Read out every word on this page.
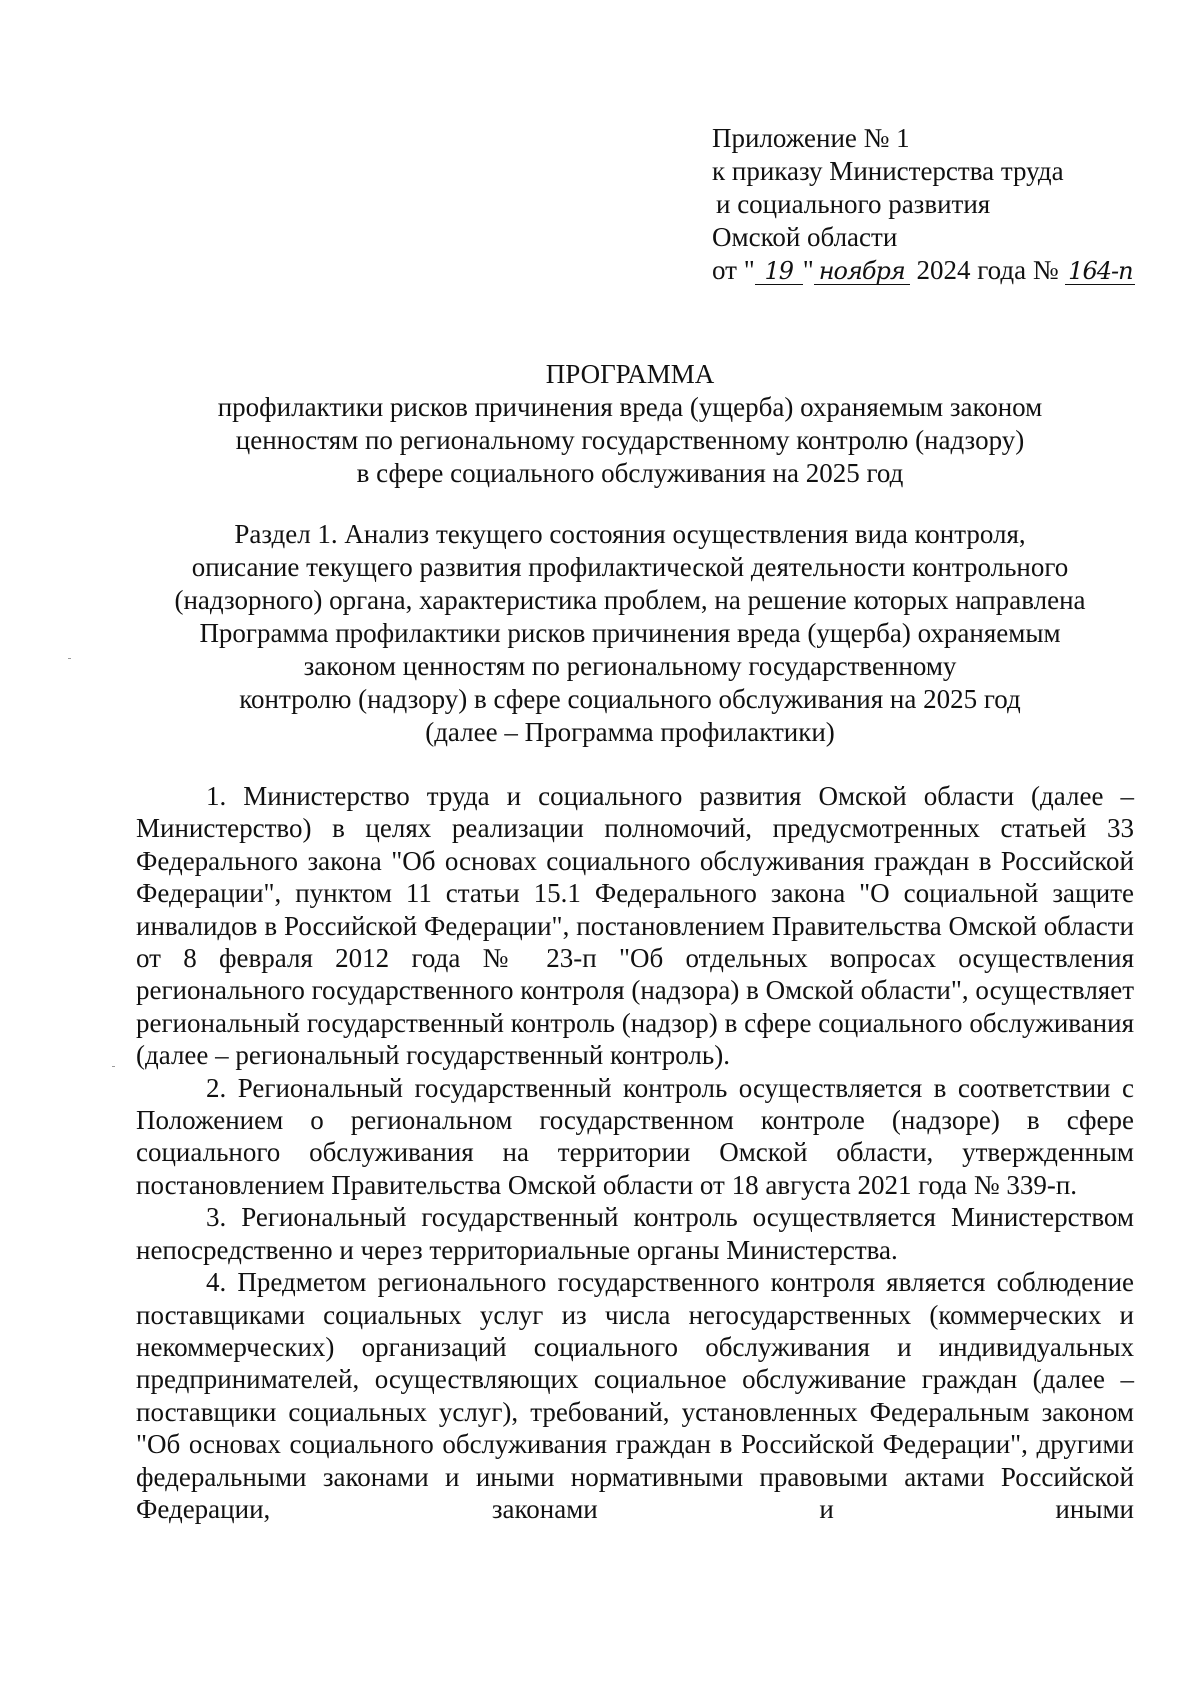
Приложение № 1
к приказу Министерства труда
и социального развития
Омской области
от " 19 " ноября 2024 года № 164-п
ПРОГРАММА
профилактики рисков причинения вреда (ущерба) охраняемым законом
ценностям по региональному государственному контролю (надзору)
в сфере социального обслуживания на 2025 год
Раздел 1. Анализ текущего состояния осуществления вида контроля,
описание текущего развития профилактической деятельности контрольного
(надзорного) органа, характеристика проблем, на решение которых направлена
Программа профилактики рисков причинения вреда (ущерба) охраняемым
законом ценностям по региональному государственному
контролю (надзору) в сфере социального обслуживания на 2025 год
(далее – Программа профилактики)

1. Министерство труда и социального развития Омской области (далее – Министерство) в целях реализации полномочий, предусмотренных статьей 33 Федерального закона "Об основах социального обслуживания граждан в Российской Федерации", пунктом 11 статьи 15.1 Федерального закона "О социальной защите инвалидов в Российской Федерации", постановлением Правительства Омской области от 8 февраля 2012 года № 23-п "Об отдельных вопросах осуществления регионального государственного контроля (надзора) в Омской области", осуществляет региональный государственный контроль (надзор) в сфере социального обслуживания (далее – региональный государственный контроль).

2. Региональный государственный контроль осуществляется в соответствии с Положением о региональном государственном контроле (надзоре) в сфере социального обслуживания на территории Омской области, утвержденным постановлением Правительства Омской области от 18 августа 2021 года № 339-п.

3. Региональный государственный контроль осуществляется Министерством непосредственно и через территориальные органы Министерства.

4. Предметом регионального государственного контроля является соблюдение поставщиками социальных услуг из числа негосударственных (коммерческих и некоммерческих) организаций социального обслуживания и индивидуальных предпринимателей, осуществляющих социальное обслуживание граждан (далее – поставщики социальных услуг), требований, установленных Федеральным законом "Об основах социального обслуживания граждан в Российской Федерации", другими федеральными законами и иными нормативными правовыми актами Российской Федерации, законами и иными
